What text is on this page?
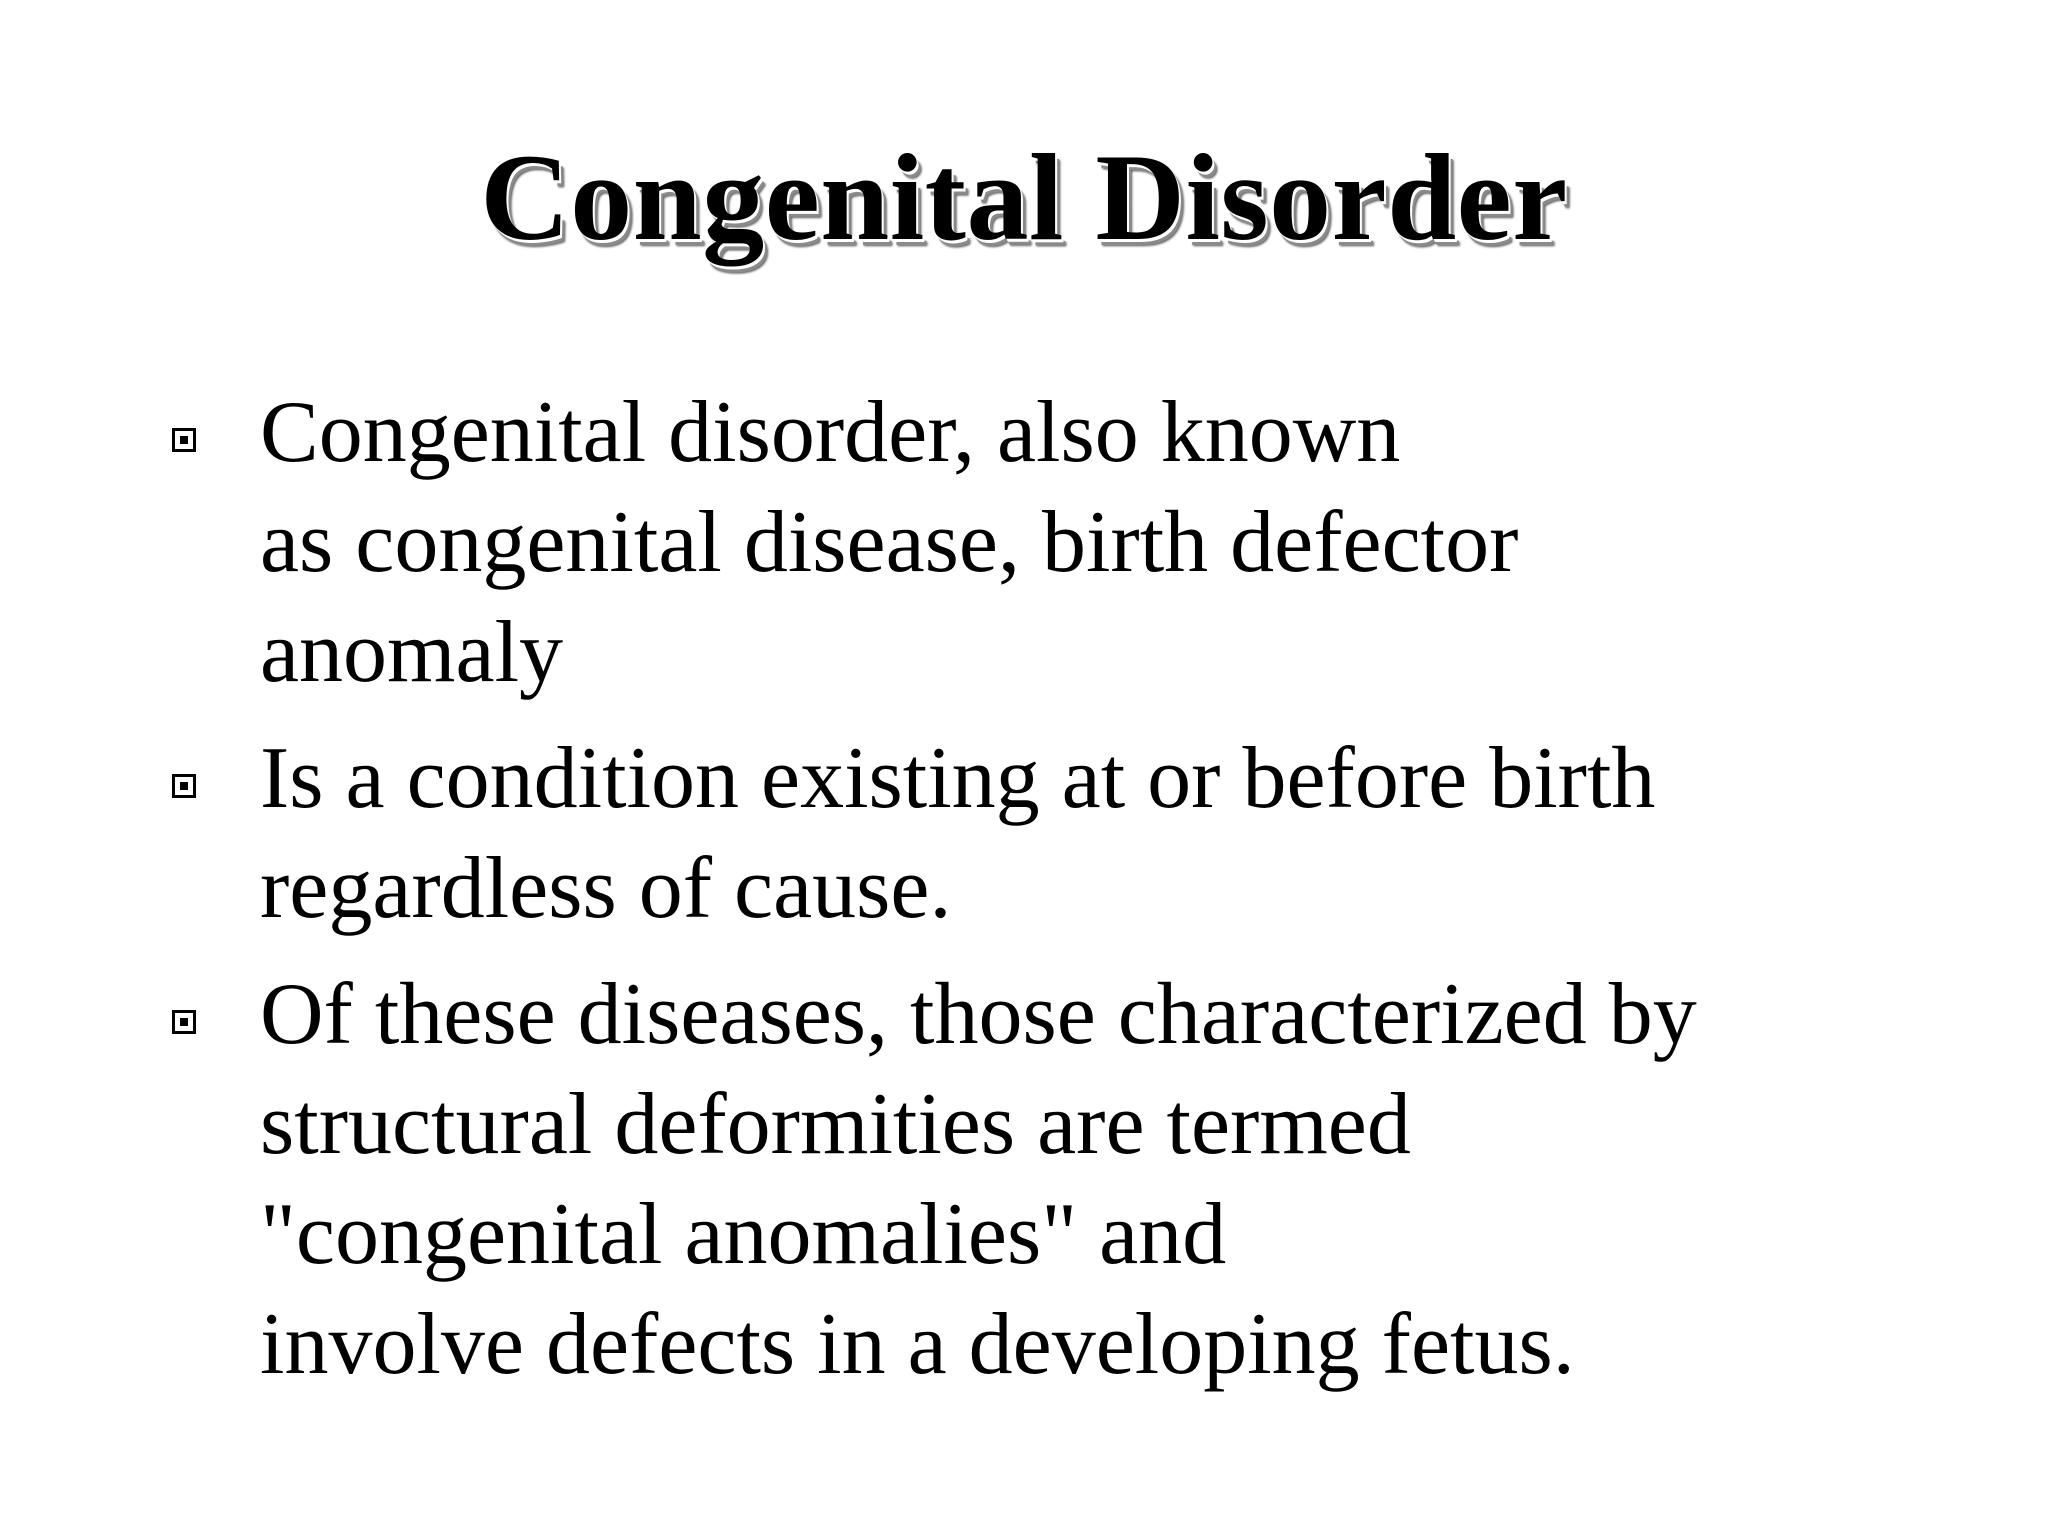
Congenital Disorder
Congenital disorder, also known
as congenital disease, birth defector
anomaly
Is a condition existing at or before birth
regardless of cause.
Of these diseases, those characterized by
structural deformities are termed
"congenital anomalies" and
involve defects in a developing fetus.
